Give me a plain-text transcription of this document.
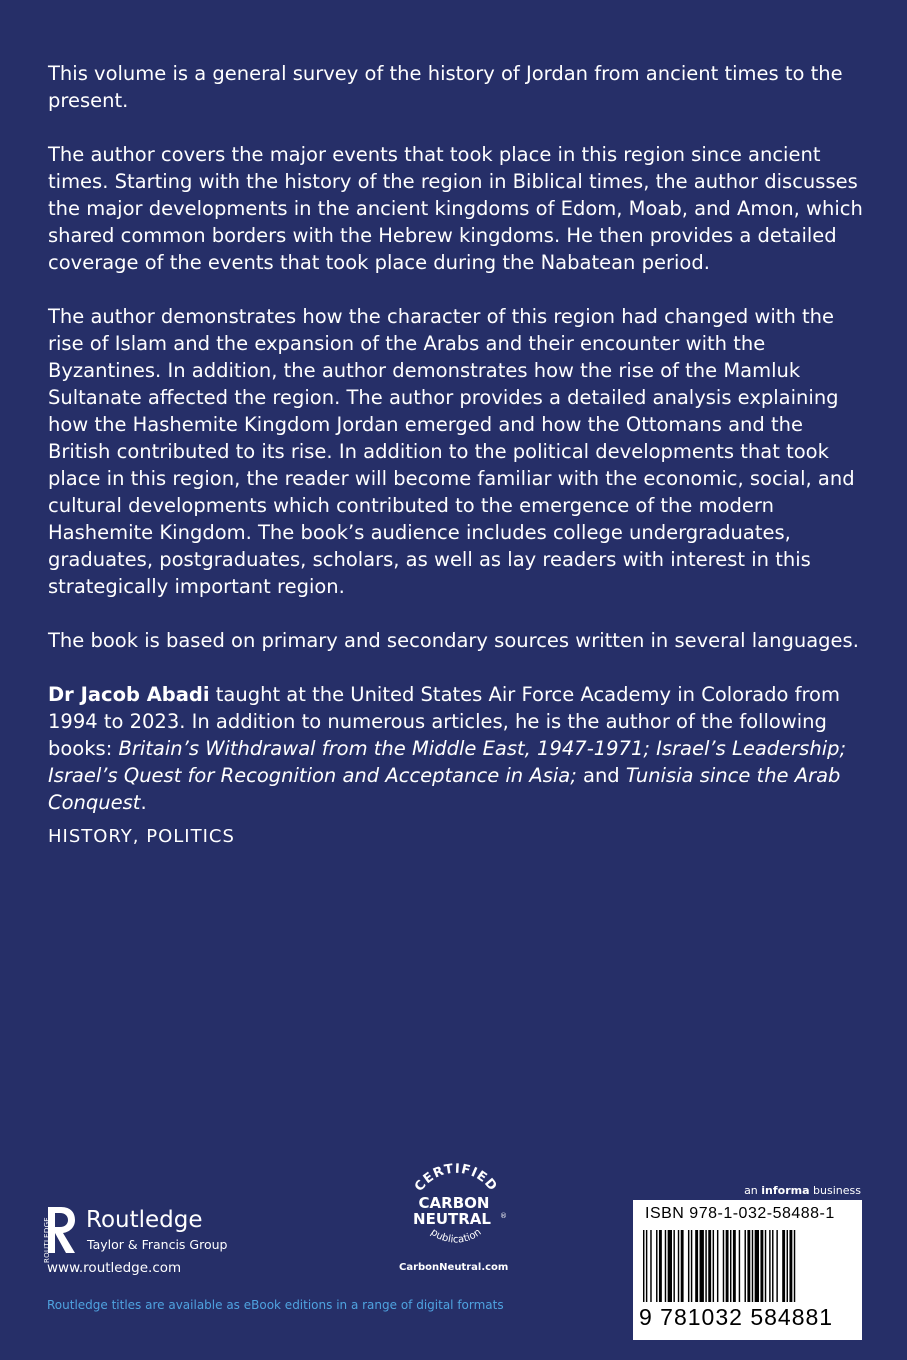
This volume is a general survey of the history of Jordan from ancient times to the present.

The author covers the major events that took place in this region since ancient times. Starting with the history of the region in Biblical times, the author discusses the major developments in the ancient kingdoms of Edom, Moab, and Amon, which shared common borders with the Hebrew kingdoms. He then provides a detailed coverage of the events that took place during the Nabatean period.

The author demonstrates how the character of this region had changed with the rise of Islam and the expansion of the Arabs and their encounter with the Byzantines. In addition, the author demonstrates how the rise of the Mamluk Sultanate affected the region. The author provides a detailed analysis explaining how the Hashemite Kingdom Jordan emerged and how the Ottomans and the British contributed to its rise. In addition to the political developments that took place in this region, the reader will become familiar with the economic, social, and cultural developments which contributed to the emergence of the modern Hashemite Kingdom. The book’s audience includes college undergraduates, graduates, postgraduates, scholars, as well as lay readers with interest in this strategically important region.

The book is based on primary and secondary sources written in several languages.

Dr Jacob Abadi taught at the United States Air Force Academy in Colorado from 1994 to 2023. In addition to numerous articles, he is the author of the following books: Britain’s Withdrawal from the Middle East, 1947-1971; Israel’s Leadership; Israel’s Quest for Recognition and Acceptance in Asia; and Tunisia since the Arab Conquest.

HISTORY, POLITICS
ROUTLEDGE Routledge
Taylor & Francis Group
www.routledge.com
Routledge titles are available as eBook editions in a range of digital formats
CERTIFIED
CARBON
NEUTRAL ®
publication
CarbonNeutral.com
an informa business
ISBN 978-1-032-58488-1
9 781032 584881
